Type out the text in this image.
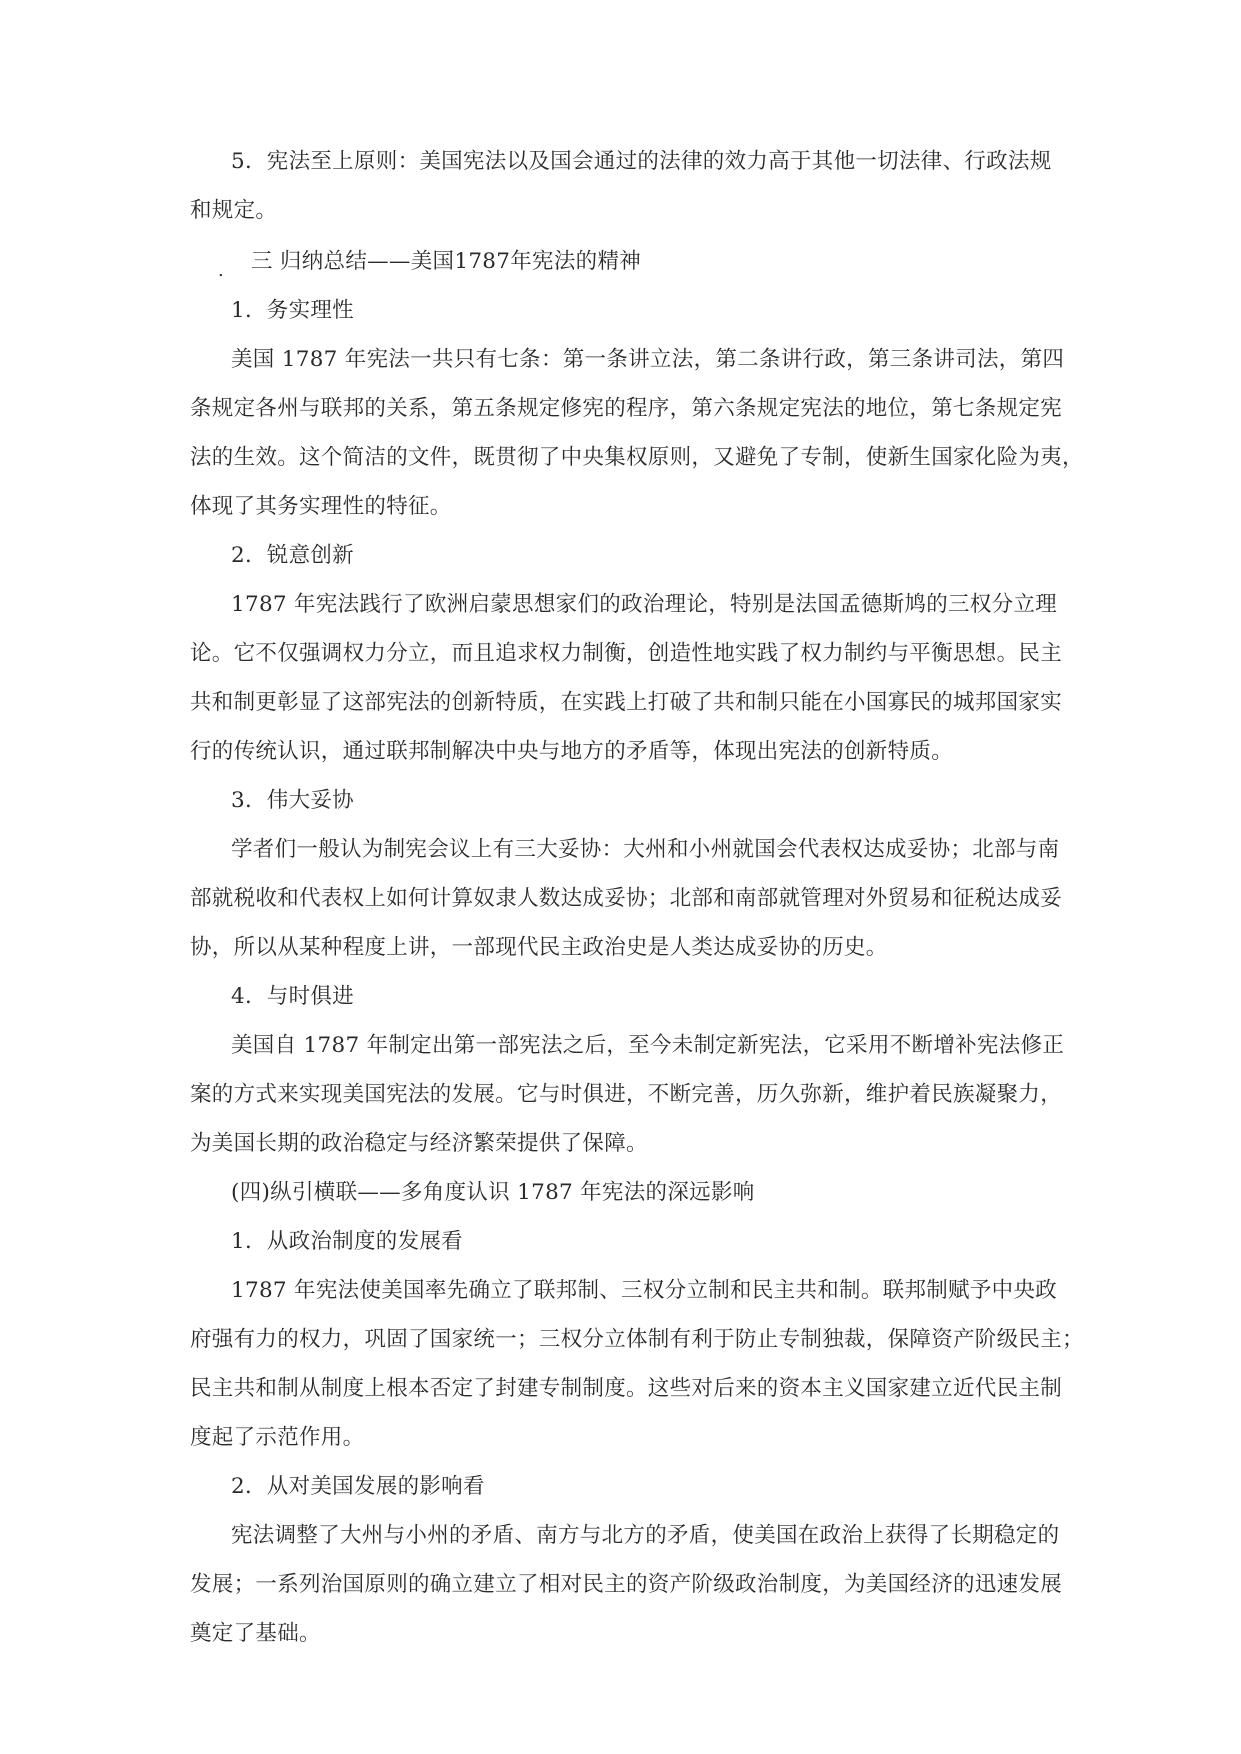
.
5．宪法至上原则：美国宪法以及国会通过的法律的效力高于其他一切法律、行政法规
和规定。
三 归纳总结——美国1787年宪法的精神
1．务实理性
美国 1787 年宪法一共只有七条：第一条讲立法，第二条讲行政，第三条讲司法，第四
条规定各州与联邦的关系，第五条规定修宪的程序，第六条规定宪法的地位，第七条规定宪
法的生效。这个简洁的文件，既贯彻了中央集权原则，又避免了专制，使新生国家化险为夷，
体现了其务实理性的特征。
2．锐意创新
1787 年宪法践行了欧洲启蒙思想家们的政治理论，特别是法国孟德斯鸠的三权分立理
论。它不仅强调权力分立，而且追求权力制衡，创造性地实践了权力制约与平衡思想。民主
共和制更彰显了这部宪法的创新特质，在实践上打破了共和制只能在小国寡民的城邦国家实
行的传统认识，通过联邦制解决中央与地方的矛盾等，体现出宪法的创新特质。
3．伟大妥协
学者们一般认为制宪会议上有三大妥协：大州和小州就国会代表权达成妥协；北部与南
部就税收和代表权上如何计算奴隶人数达成妥协；北部和南部就管理对外贸易和征税达成妥
协，所以从某种程度上讲，一部现代民主政治史是人类达成妥协的历史。
4．与时俱进
美国自 1787 年制定出第一部宪法之后，至今未制定新宪法，它采用不断增补宪法修正
案的方式来实现美国宪法的发展。它与时俱进，不断完善，历久弥新，维护着民族凝聚力，
为美国长期的政治稳定与经济繁荣提供了保障。
(四)纵引横联——多角度认识 1787 年宪法的深远影响
1．从政治制度的发展看
1787 年宪法使美国率先确立了联邦制、三权分立制和民主共和制。联邦制赋予中央政
府强有力的权力，巩固了国家统一；三权分立体制有利于防止专制独裁，保障资产阶级民主；
民主共和制从制度上根本否定了封建专制制度。这些对后来的资本主义国家建立近代民主制
度起了示范作用。
2．从对美国发展的影响看
宪法调整了大州与小州的矛盾、南方与北方的矛盾，使美国在政治上获得了长期稳定的
发展；一系列治国原则的确立建立了相对民主的资产阶级政治制度，为美国经济的迅速发展
奠定了基础。
